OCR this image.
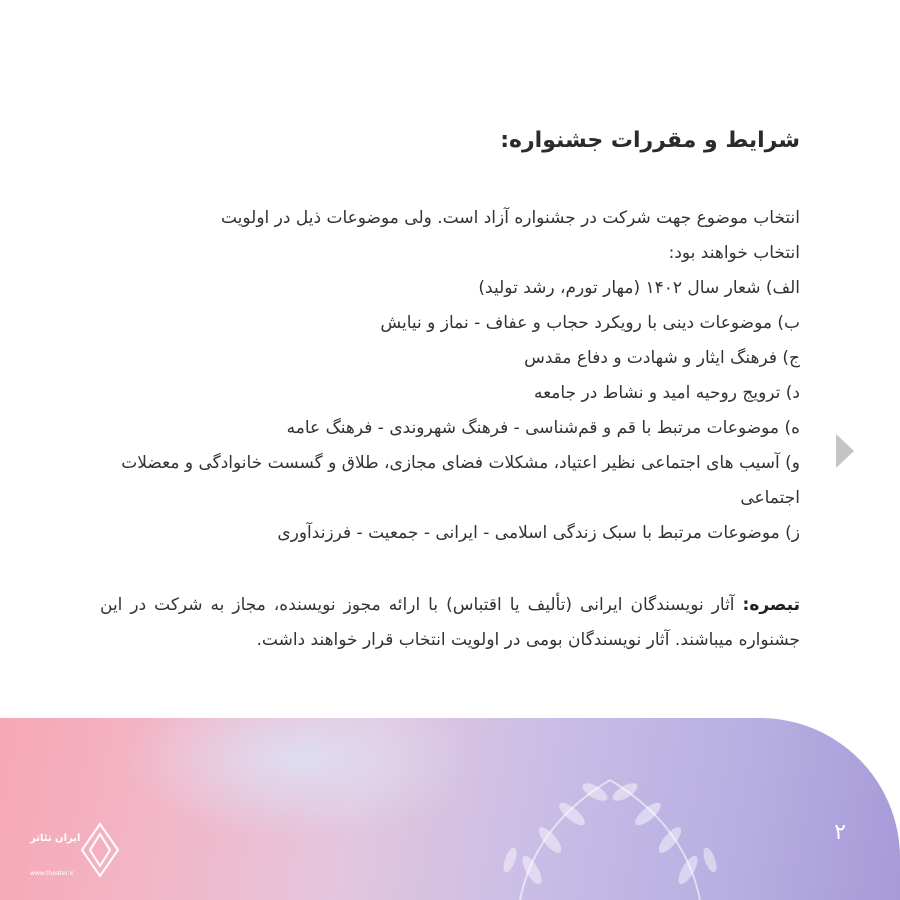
شرایط و مقررات جشنواره:

انتخاب موضوع جهت شرکت در جشنواره آزاد است. ولی موضوعات ذیل در اولویت

انتخاب خواهند بود:

الف) شعار سال ۱۴۰۲ (مهار تورم، رشد تولید)
ب) موضوعات دینی با رویکرد حجاب و عفاف - نماز و نیایش
ج) فرهنگ ایثار و شهادت و دفاع مقدس
د) ترویج روحیه امید و نشاط در جامعه
ه) موضوعات مرتبط با قم و قم‌شناسی - فرهنگ شهروندی - فرهنگ عامه
و) آسیب های اجتماعی نظیر اعتیاد، مشکلات فضای مجازی، طلاق و گسست خانوادگی و معضلات اجتماعی
ز) موضوعات مرتبط با سبک زندگی اسلامی - ایرانی - جمعیت - فرزندآوری
تبصره: آثار نویسندگان ایرانی (تألیف یا اقتباس) با ارائه مجوز نویسنده، مجاز به شرکت در این جشنواره میباشند. آثار نویسندگان بومی در اولویت انتخاب قرار خواهند داشت.
۲
ایران تئاتر
www.theater.ir
